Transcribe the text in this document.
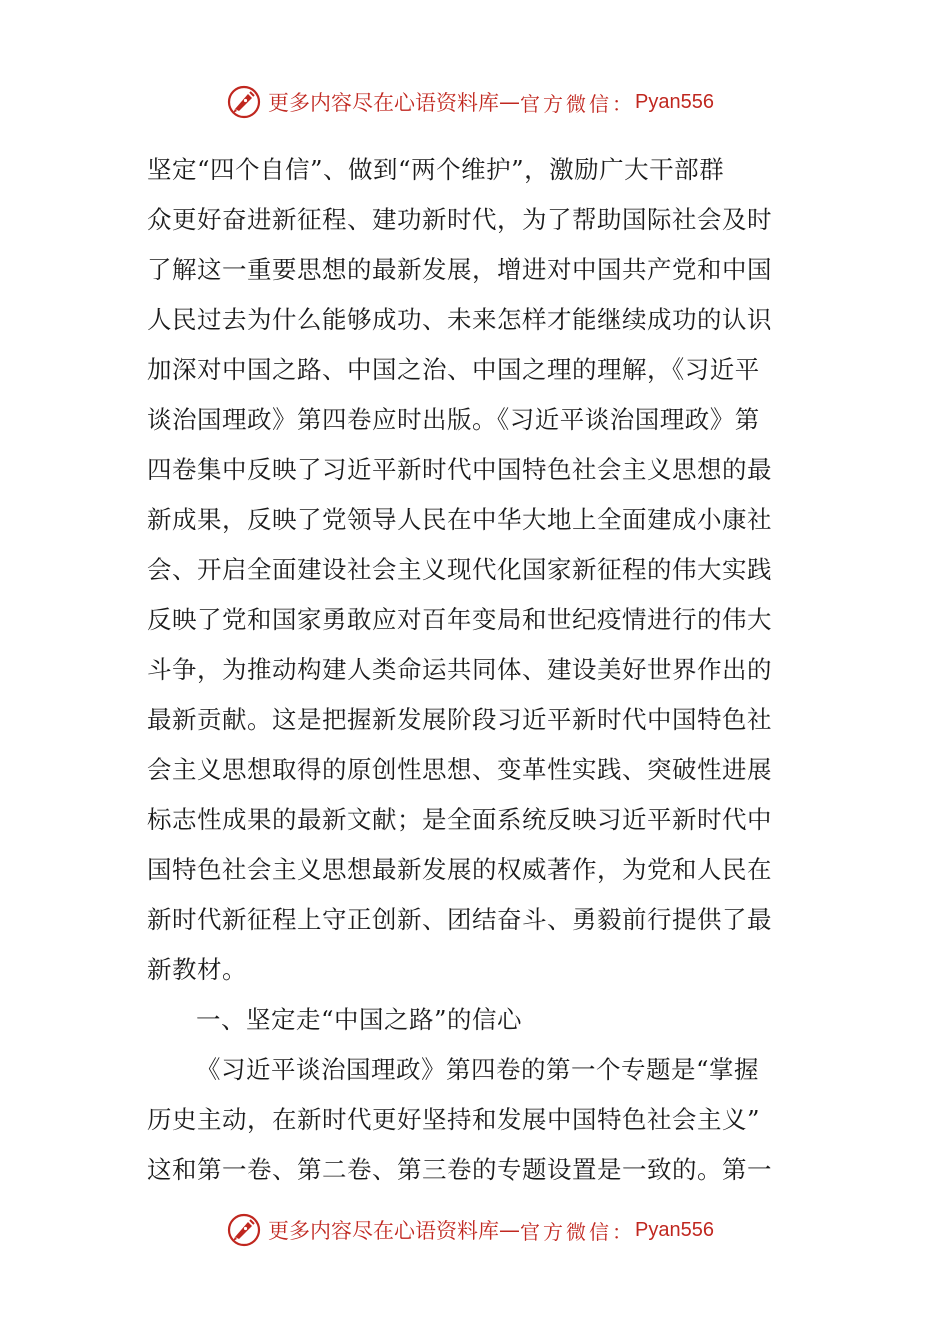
更多内容尽在心语资料库 — 官方微信： Pyan556
坚定“四个自信”、做到“两个维护”，激励广大干部群
众更好奋进新征程、建功新时代，为了帮助国际社会及时
了解这一重要思想的最新发展，增进对中国共产党和中国
人民过去为什么能够成功、未来怎样才能继续成功的认识
加深对中国之路、中国之治、中国之理的理解，《习近平
谈治国理政》第四卷应时出版。《习近平谈治国理政》第
四卷集中反映了习近平新时代中国特色社会主义思想的最
新成果，反映了党领导人民在中华大地上全面建成小康社
会、开启全面建设社会主义现代化国家新征程的伟大实践
反映了党和国家勇敢应对百年变局和世纪疫情进行的伟大
斗争，为推动构建人类命运共同体、建设美好世界作出的
最新贡献。这是把握新发展阶段习近平新时代中国特色社
会主义思想取得的原创性思想、变革性实践、突破性进展
标志性成果的最新文献；是全面系统反映习近平新时代中
国特色社会主义思想最新发展的权威著作，为党和人民在
新时代新征程上守正创新、团结奋斗、勇毅前行提供了最
新教材。
一、坚定走“中国之路”的信心
《习近平谈治国理政》第四卷的第一个专题是“掌握
历史主动，在新时代更好坚持和发展中国特色社会主义”
这和第一卷、第二卷、第三卷的专题设置是一致的。第一
更多内容尽在心语资料库 — 官方微信： Pyan556
